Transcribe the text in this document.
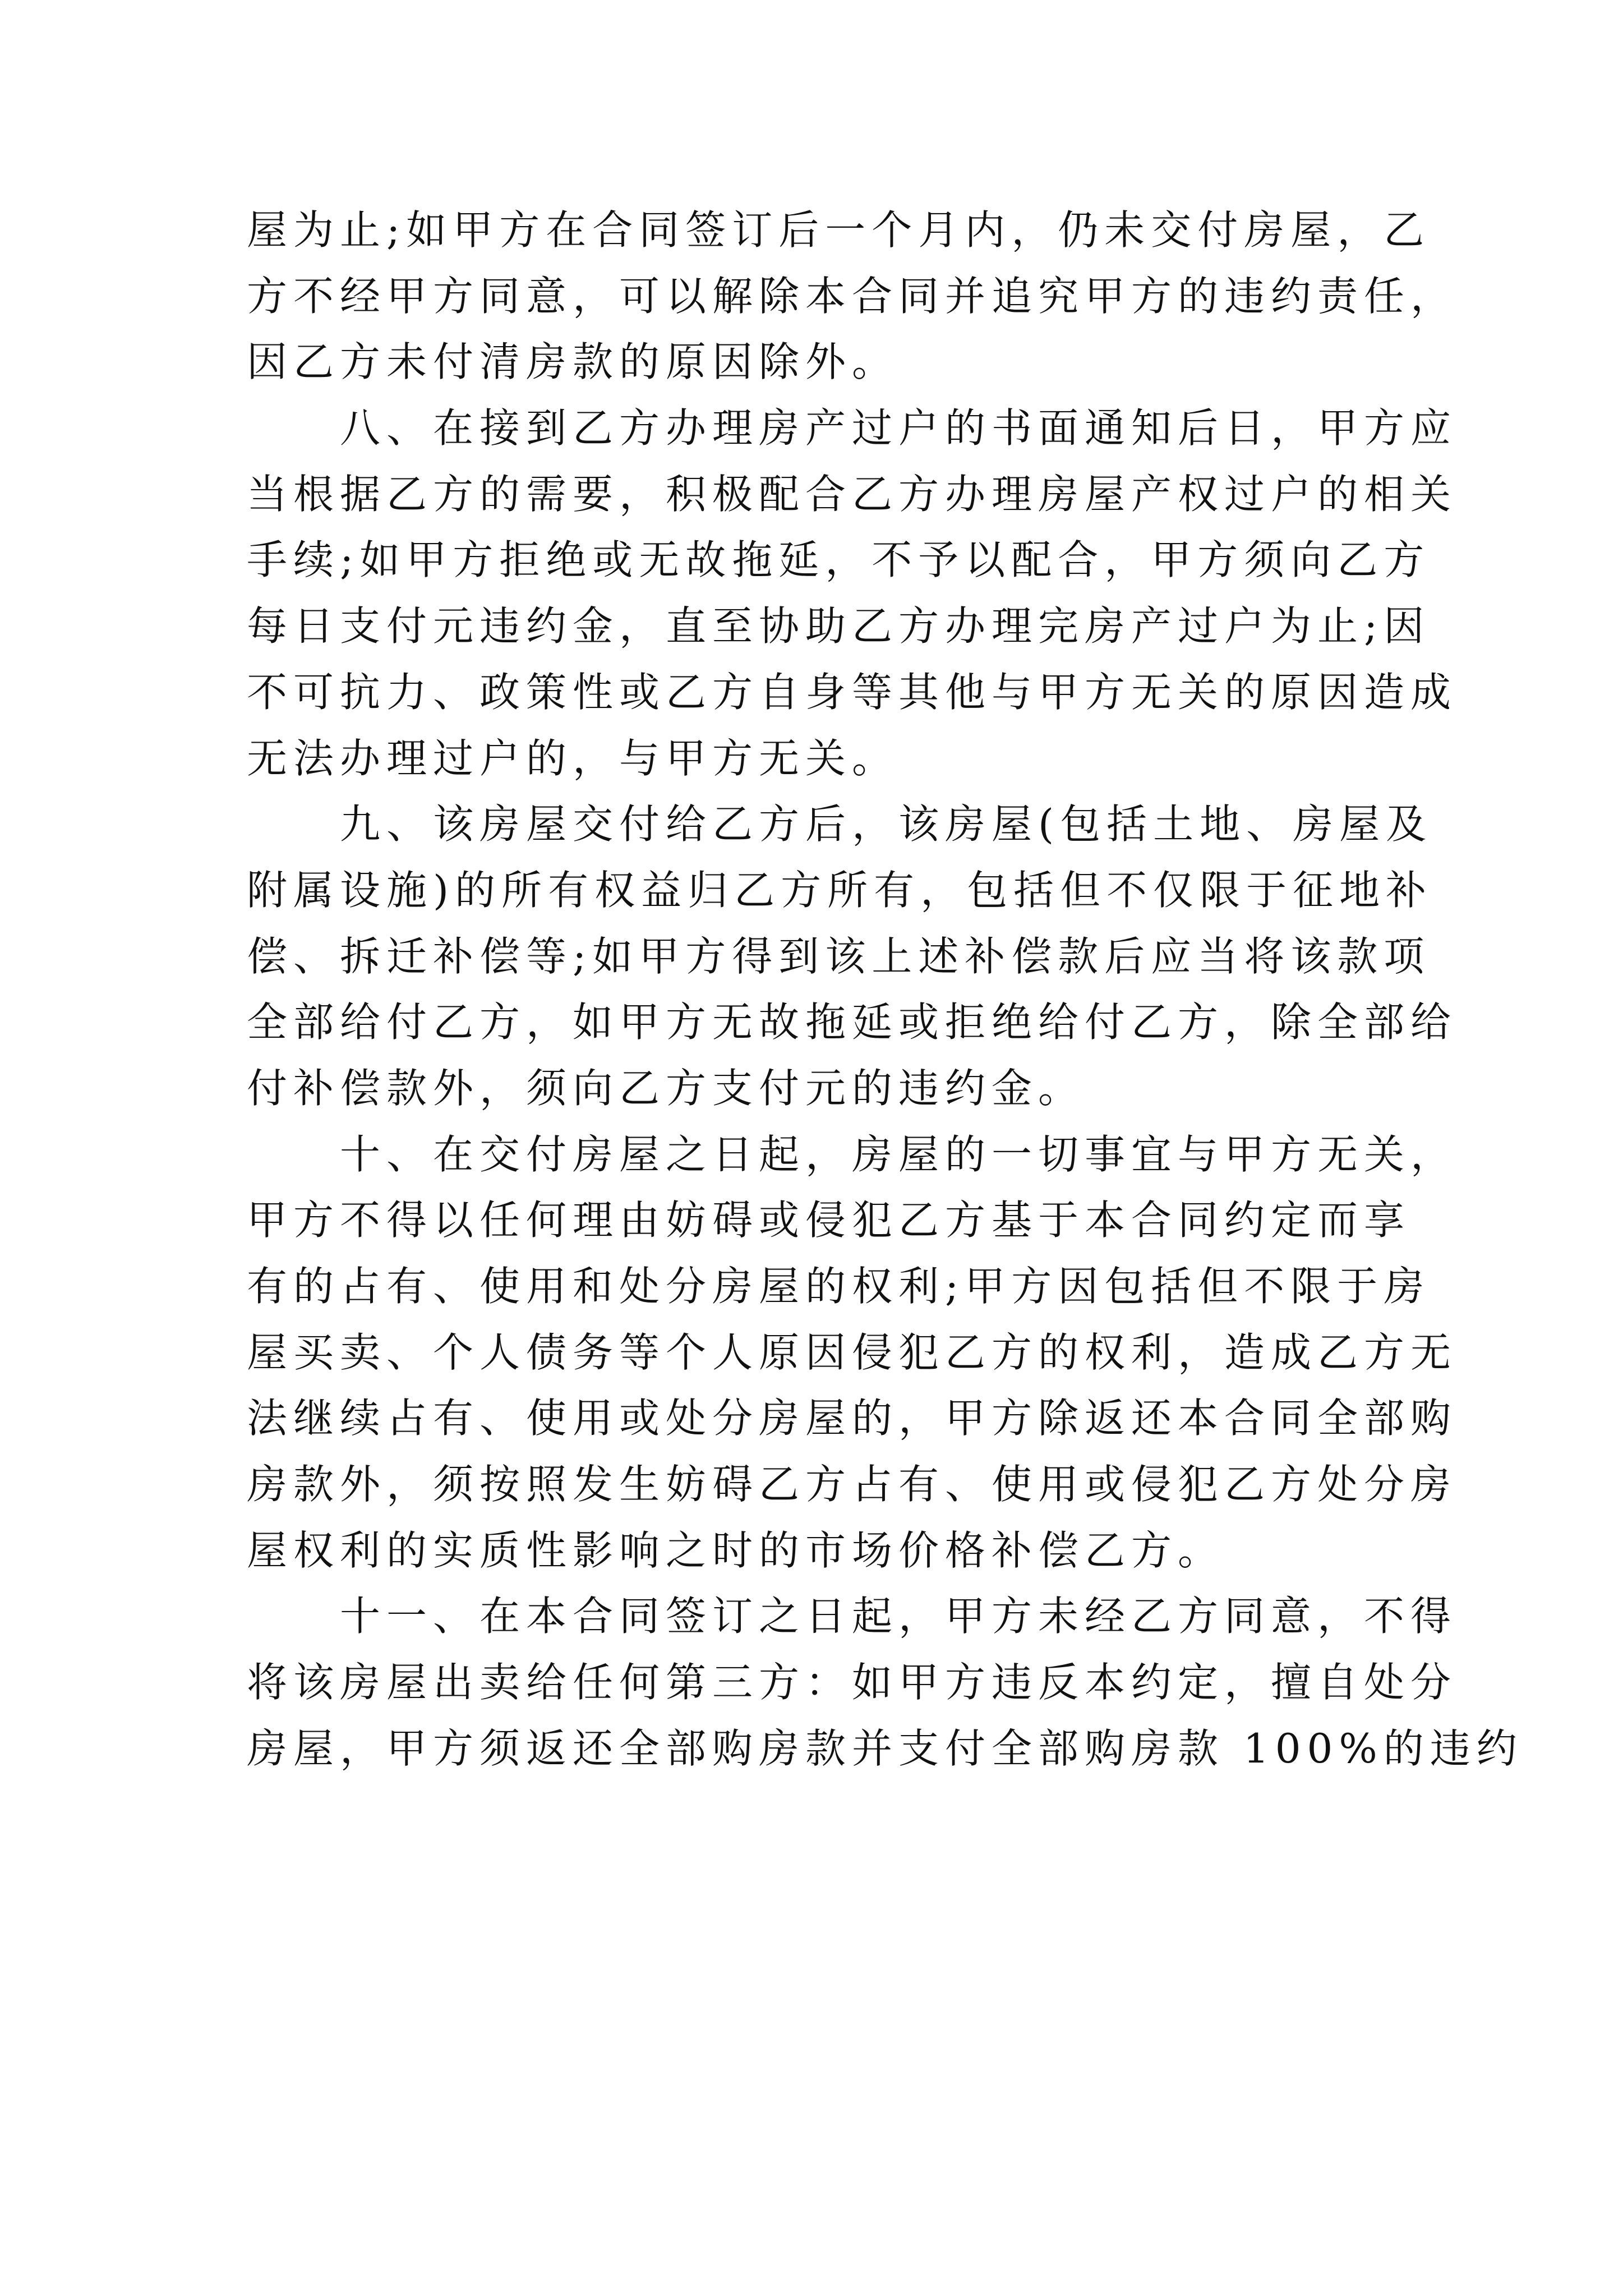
屋为止;如甲方在合同签订后一个月内，仍未交付房屋，乙
方不经甲方同意，可以解除本合同并追究甲方的违约责任，
因乙方未付清房款的原因除外。
八、在接到乙方办理房产过户的书面通知后日，甲方应
当根据乙方的需要，积极配合乙方办理房屋产权过户的相关
手续;如甲方拒绝或无故拖延，不予以配合，甲方须向乙方
每日支付元违约金，直至协助乙方办理完房产过户为止;因
不可抗力、政策性或乙方自身等其他与甲方无关的原因造成
无法办理过户的，与甲方无关。
九、该房屋交付给乙方后，该房屋(包括土地、房屋及
附属设施)的所有权益归乙方所有，包括但不仅限于征地补
偿、拆迁补偿等;如甲方得到该上述补偿款后应当将该款项
全部给付乙方，如甲方无故拖延或拒绝给付乙方，除全部给
付补偿款外，须向乙方支付元的违约金。
十、在交付房屋之日起，房屋的一切事宜与甲方无关，
甲方不得以任何理由妨碍或侵犯乙方基于本合同约定而享
有的占有、使用和处分房屋的权利;甲方因包括但不限于房
屋买卖、个人债务等个人原因侵犯乙方的权利，造成乙方无
法继续占有、使用或处分房屋的，甲方除返还本合同全部购
房款外，须按照发生妨碍乙方占有、使用或侵犯乙方处分房
屋权利的实质性影响之时的市场价格补偿乙方。
十一、在本合同签订之日起，甲方未经乙方同意，不得
将该房屋出卖给任何第三方：如甲方违反本约定，擅自处分
房屋，甲方须返还全部购房款并支付全部购房款 100%的违约
